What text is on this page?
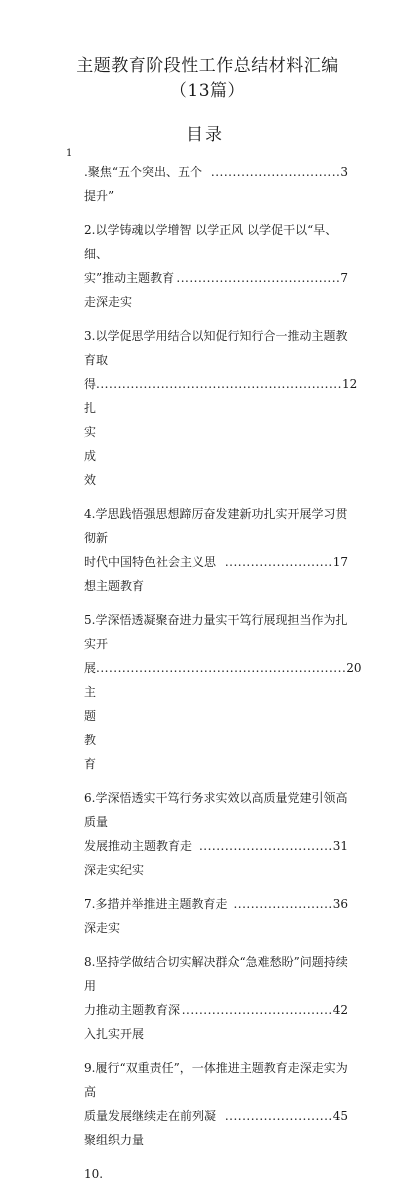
主题教育阶段性工作总结材料汇编（13篇）
目录
1
.聚焦“五个突出、五个提升”
..............................3
2.以学铸魂以学增智 以学正风 以学促干以“早、细、
实”推动主题教育走深走实
......................................7
3.以学促思学用结合以知促行知行合一推动主题教育取
得扎实成效
.........................................................12
4.学思践悟强思想蹄厉奋发建新功扎实开展学习贯彻新
时代中国特色社会主义思想主题教育
.........................17
5.学深悟透凝聚奋进力量实干笃行展现担当作为扎实开
展主题教育
..........................................................20
6.学深悟透实干笃行务求实效以高质量党建引领高质量
发展推动主题教育走深走实纪实
...............................31
7.多措并举推进主题教育走深走实
.......................36
8.坚持学做结合切实解决群众“急难愁盼”问题持续用
力推动主题教育深入扎实开展
...................................42
9.履行“双重责任”，一体推进主题教育走深走实为高
质量发展继续走在前列凝聚组织力量
.........................45
10.
